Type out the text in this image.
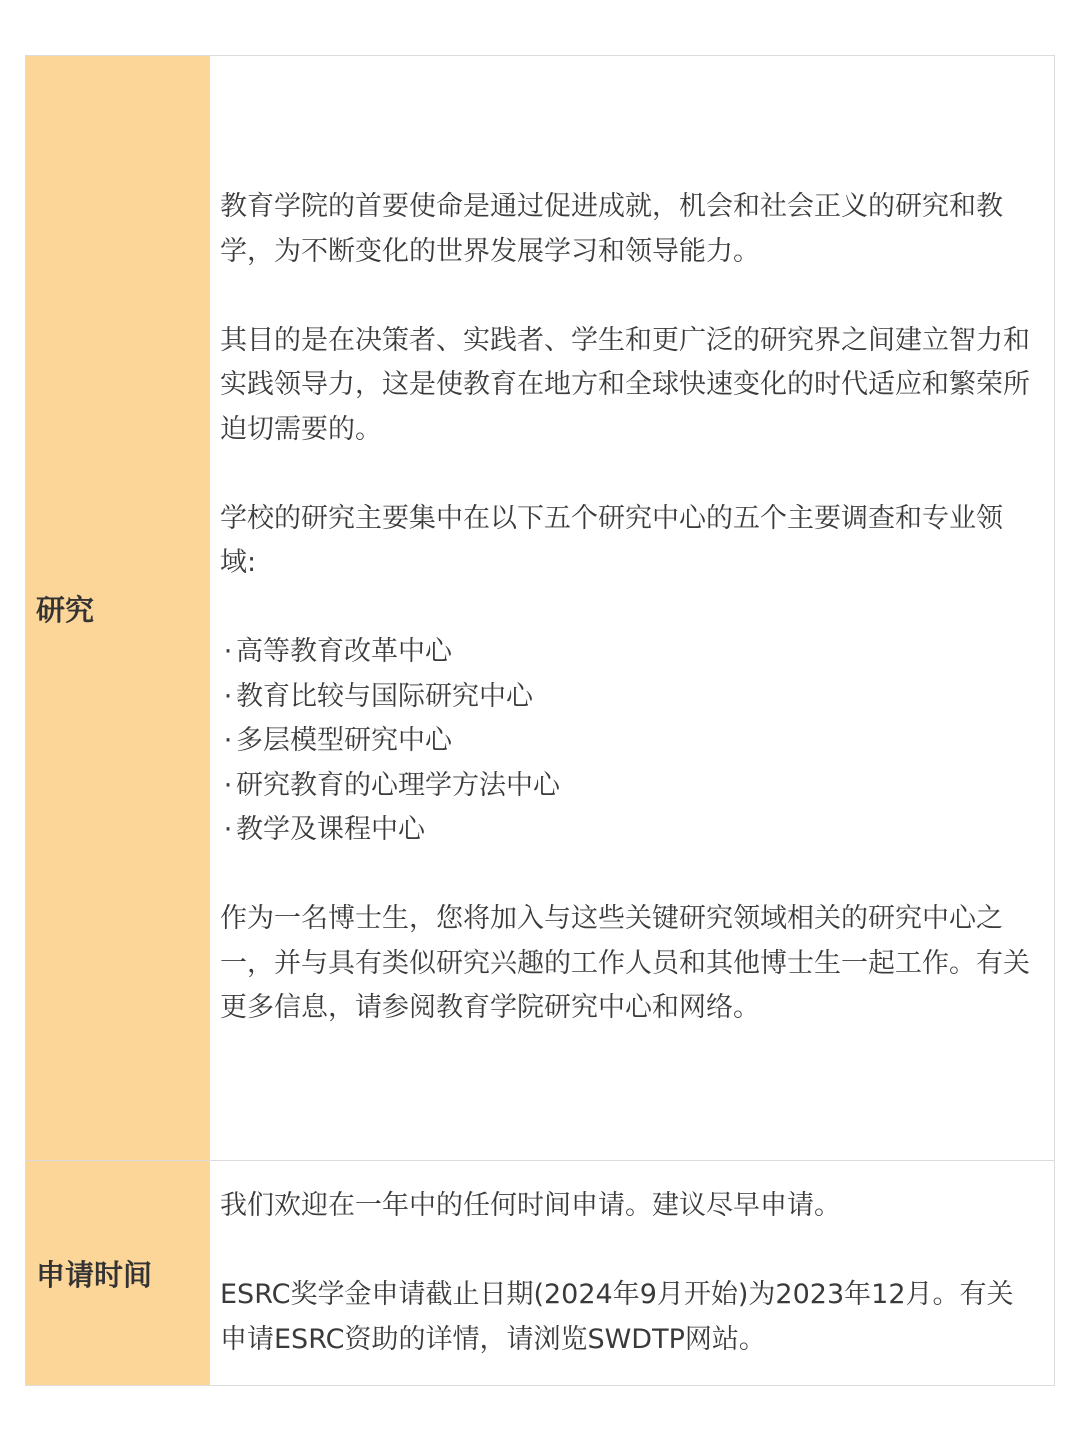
研究

教育学院的首要使命是通过促进成就，机会和社会正义的研究和教学，为不断变化的世界发展学习和领导能力。

其目的是在决策者、实践者、学生和更广泛的研究界之间建立智力和实践领导力，这是使教育在地方和全球快速变化的时代适应和繁荣所迫切需要的。

学校的研究主要集中在以下五个研究中心的五个主要调查和专业领域:

· 高等教育改革中心
· 教育比较与国际研究中心
· 多层模型研究中心
· 研究教育的心理学方法中心
· 教学及课程中心

作为一名博士生，您将加入与这些关键研究领域相关的研究中心之一，并与具有类似研究兴趣的工作人员和其他博士生一起工作。有关更多信息，请参阅教育学院研究中心和网络。

申请时间

我们欢迎在一年中的任何时间申请。建议尽早申请。

ESRC奖学金申请截止日期(2024年9月开始)为2023年12月。有关申请ESRC资助的详情，请浏览SWDTP网站。
